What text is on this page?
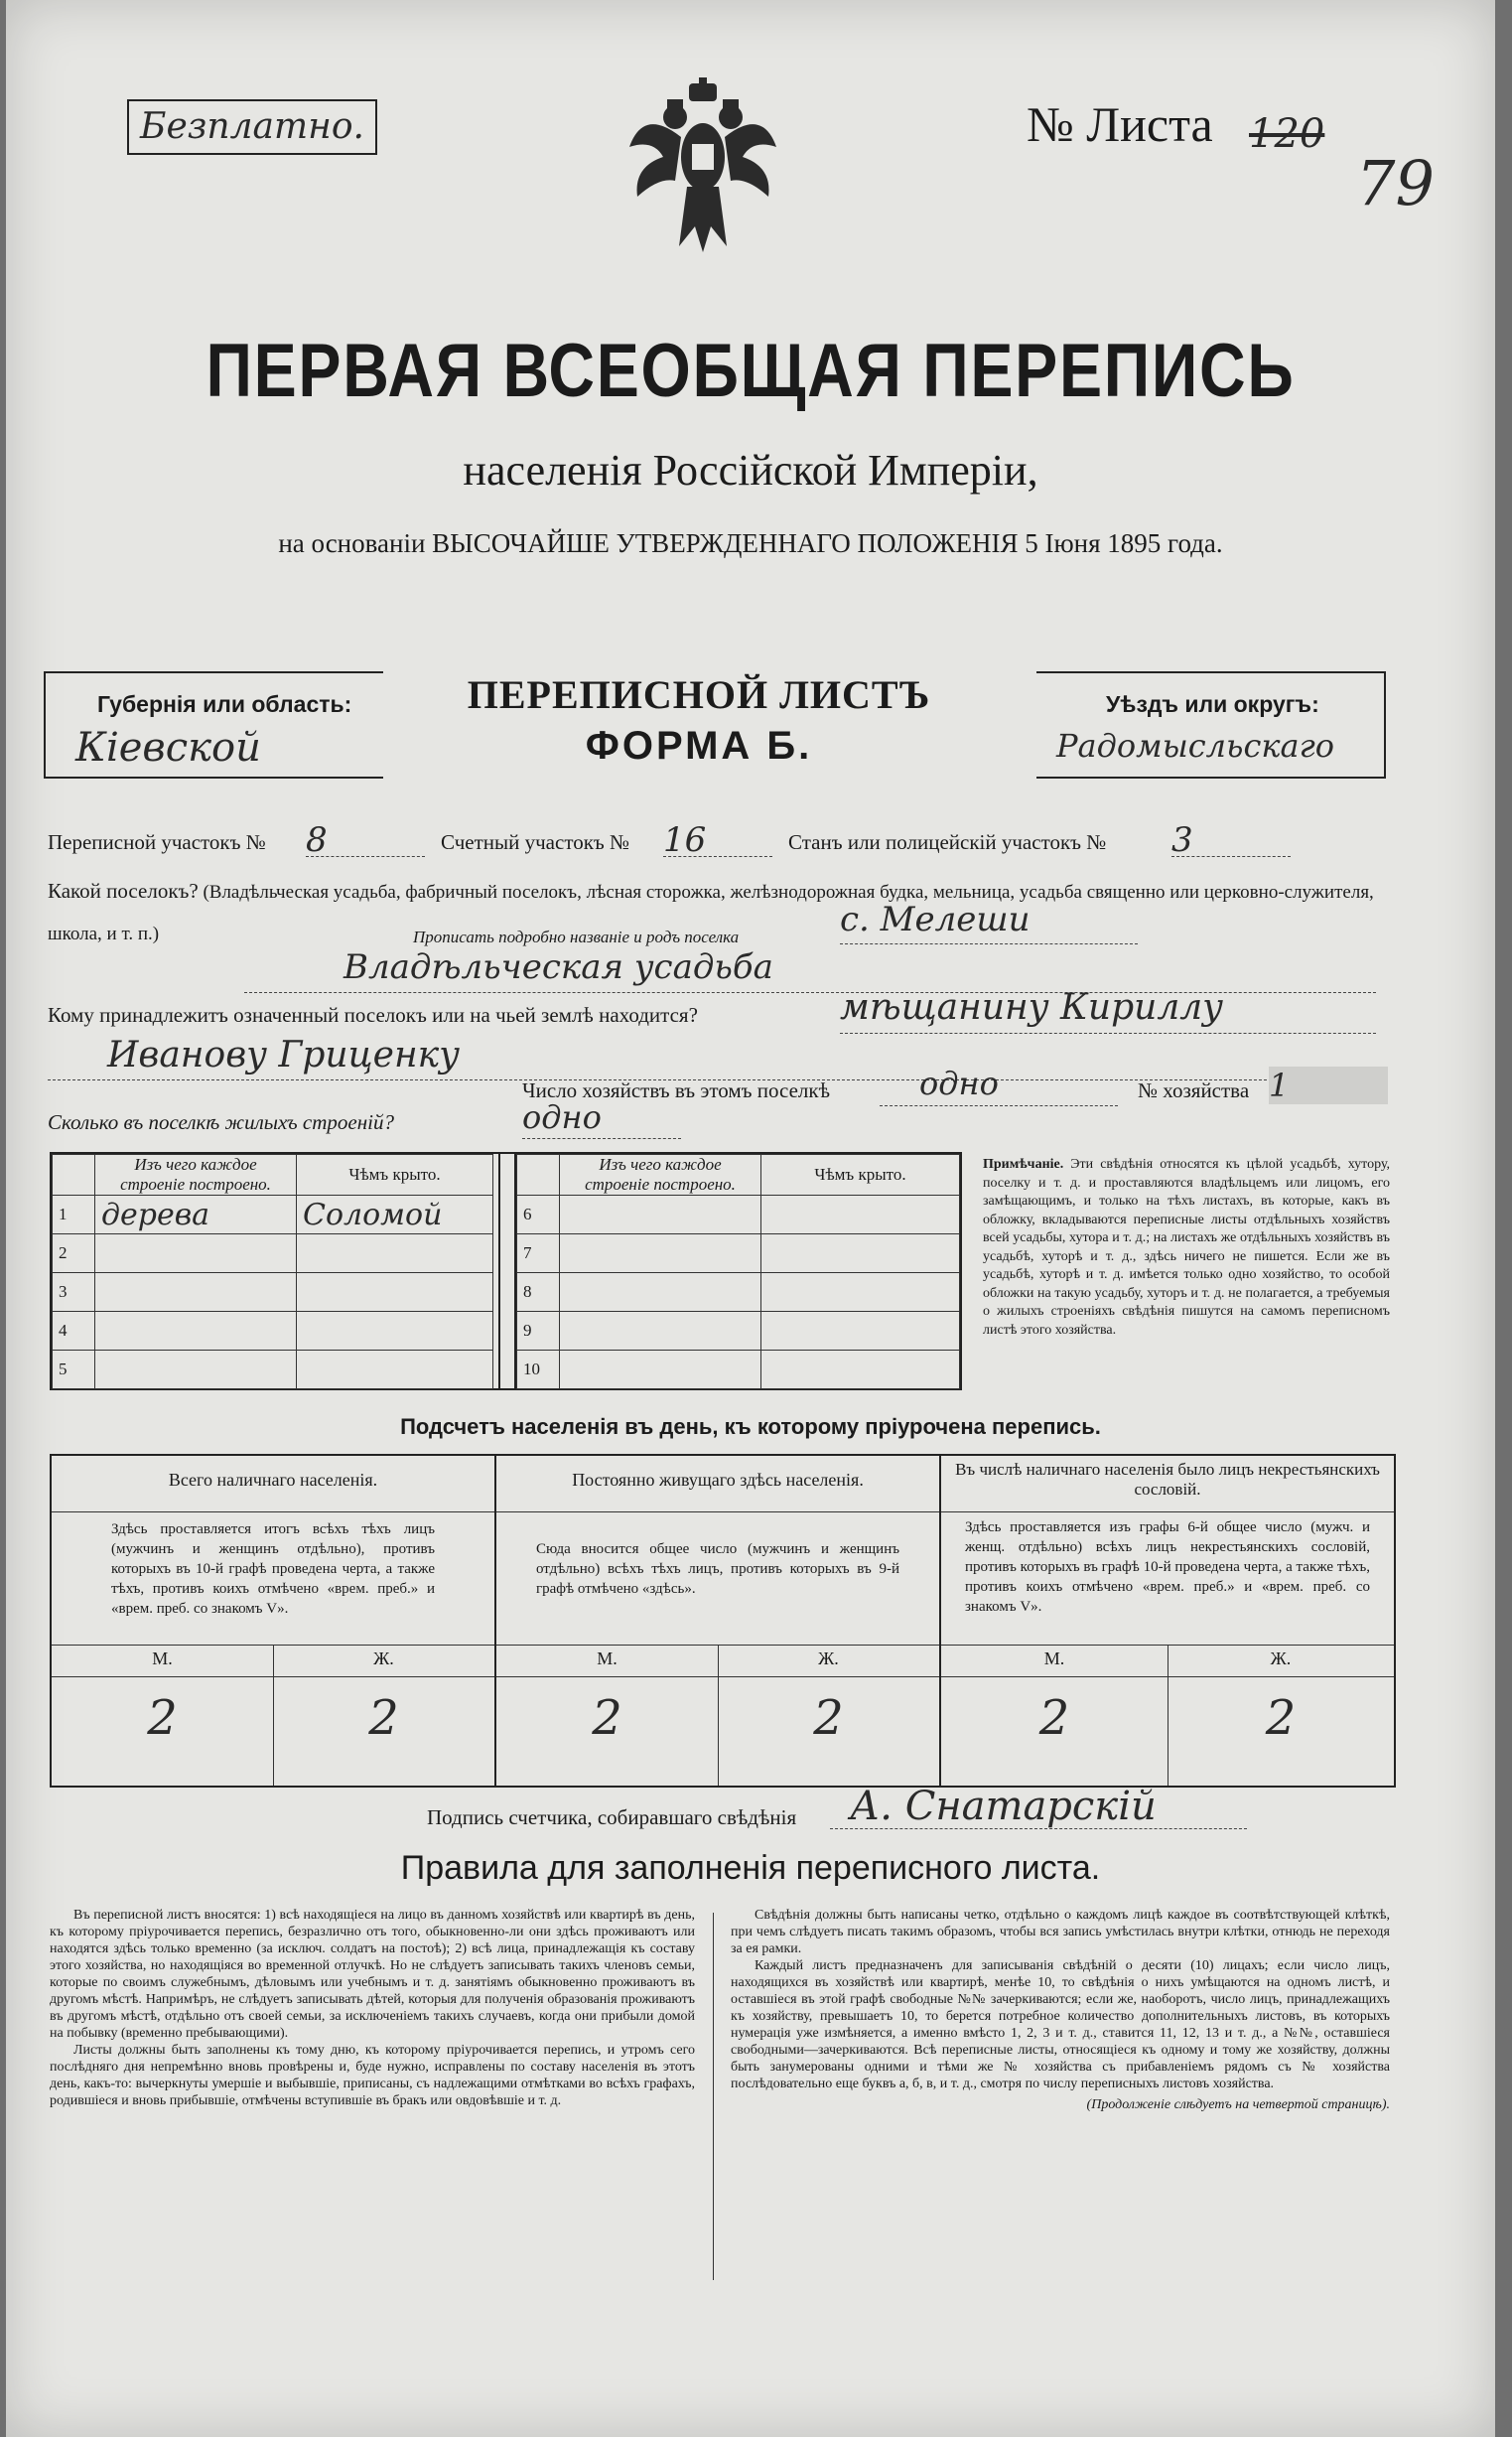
Безплатно.	№ Листа 120
79
ПЕРВАЯ ВСЕОБЩАЯ ПЕРЕПИСЬ
населенія Россійской Имперіи,
на основаніи ВЫСОЧАЙШЕ УТВЕРЖДЕННАГО ПОЛОЖЕНІЯ 5 Іюня 1895 года.
Губернія или область:
Кіевской
ПЕРЕПИСНОЙ ЛИСТЪ
ФОРМА Б.
Уѣздъ или округъ:
Радомысльскаго
Переписной участокъ № 8	Счетный участокъ № 16	Станъ или полицейскій участокъ № 3
Какой поселокъ? (Владѣльческая усадьба, фабричный поселокъ, лѣсная сторожка, желѣзнодорожная будка, мельница, усадьба священно или церковно-служителя, школа, и т. п.)	Прописать подробно названіе и родъ поселка	с. Мелеши
Владѣльческая усадьба
Кому принадлежитъ означенный поселокъ или на чьей землѣ находится?	мѣщанину Кириллу
Иванову Гриценку
Число хозяйствъ въ этомъ поселкѣ	одно	№ хозяйства 1
Сколько въ поселкѣ жилыхъ строеній?	одно
	Изъ чего каждое строеніе построено.	Чѣмъ крыто.
1	дерева	Соломой
2		
3		
4		
5		
	Изъ чего каждое строеніе построено.	Чѣмъ крыто.
6		
7		
8		
9		
10		
Примѣчаніе. Эти свѣдѣнія относятся къ цѣлой усадьбѣ, хутору, поселку и т. д. и проставляются владѣльцемъ или лицомъ, его замѣщающимъ, и только на тѣхъ листахъ, въ которые, какъ въ обложку, вкладываются переписные листы отдѣльныхъ хозяйствъ всей усадьбы, хутора и т. д.; на листахъ же отдѣльныхъ хозяйствъ въ усадьбѣ, хуторѣ и т. д., здѣсь ничего не пишется. Если же въ усадьбѣ, хуторѣ и т. д. имѣется только одно хозяйство, то особой обложки на такую усадьбу, хуторъ и т. д. не полагается, а требуемыя о жилыхъ строеніяхъ свѣдѣнія пишутся на самомъ переписномъ листѣ этого хозяйства.
Подсчетъ населенія въ день, къ которому пріурочена перепись.
Всего наличнаго населенія.
Здѣсь проставляется итогъ всѣхъ тѣхъ лицъ (мужчинъ и женщинъ отдѣльно), противъ которыхъ въ 10-й графѣ проведена черта, а также тѣхъ, противъ коихъ отмѣчено «врем. преб.» и «врем. преб. со знакомъ V».
М.	Ж.
2	2
Постоянно живущаго здѣсь населенія.
Сюда вносится общее число (мужчинъ и женщинъ отдѣльно) всѣхъ тѣхъ лицъ, противъ которыхъ въ 9-й графѣ отмѣчено «здѣсь».
М.	Ж.
2	2
Въ числѣ наличнаго населенія было лицъ некрестьянскихъ сословій.
Здѣсь проставляется изъ графы 6-й общее число (мужч. и женщ. отдѣльно) всѣхъ лицъ некрестьянскихъ сословій, противъ которыхъ въ графѣ 10-й проведена черта, а также тѣхъ, противъ коихъ отмѣчено «врем. преб.» и «врем. преб. со знакомъ V».
М.	Ж.
2	2
Подпись счетчика, собиравшаго свѣдѣнія	А. Снатарскій
Правила для заполненія переписного листа.

Въ переписной листъ вносятся: 1) всѣ находящіеся на лицо въ данномъ хозяйствѣ или квартирѣ въ день, къ которому пріурочивается перепись, безразлично отъ того, обыкновенно-ли они здѣсь проживаютъ или находятся здѣсь только временно (за исключ. солдатъ на постоѣ); 2) всѣ лица, принадлежащія къ составу этого хозяйства, но находящіяся во временной отлучкѣ. Но не слѣдуетъ записывать такихъ членовъ семьи, которые по своимъ служебнымъ, дѣловымъ или учебнымъ и т. д. занятіямъ обыкновенно проживаютъ въ другомъ мѣстѣ. Напримѣръ, не слѣдуетъ записывать дѣтей, которыя для полученія образованія проживаютъ въ другомъ мѣстѣ, отдѣльно отъ своей семьи, за исключеніемъ такихъ случаевъ, когда они прибыли домой на побывку (временно пребывающими).

Листы должны быть заполнены къ тому дню, къ которому пріурочивается перепись, и утромъ сего послѣдняго дня непремѣнно вновь провѣрены и, буде нужно, исправлены по составу населенія въ этотъ день, какъ-то: вычеркнуты умершіе и выбывшіе, приписаны, съ надлежащими отмѣтками во всѣхъ графахъ, родившіеся и вновь прибывшіе, отмѣчены вступившіе въ бракъ или овдовѣвшіе и т. д.

Свѣдѣнія должны быть написаны четко, отдѣльно о каждомъ лицѣ каждое въ соотвѣтствующей клѣткѣ, при чемъ слѣдуетъ писать такимъ образомъ, чтобы вся запись умѣстилась внутри клѣтки, отнюдь не переходя за ея рамки.

Каждый листъ предназначенъ для записыванія свѣдѣній о десяти (10) лицахъ; если число лицъ, находящихся въ хозяйствѣ или квартирѣ, менѣе 10, то свѣдѣнія о нихъ умѣщаются на одномъ листѣ, и оставшіеся въ этой графѣ свободные №№ зачеркиваются; если же, наоборотъ, число лицъ, принадлежащихъ къ хозяйству, превышаетъ 10, то берется потребное количество дополнительныхъ листовъ, въ которыхъ нумерація уже измѣняется, а именно вмѣсто 1, 2, 3 и т. д., ставится 11, 12, 13 и т. д., а №№, оставшіеся свободными—зачеркиваются. Всѣ переписные листы, относящіеся къ одному и тому же хозяйству, должны быть занумерованы одними и тѣми же № хозяйства съ прибавленіемъ рядомъ съ № хозяйства послѣдовательно еще буквъ а, б, в, и т. д., смотря по числу переписныхъ листовъ хозяйства.

(Продолженіе слѣдуетъ на четвертой страницѣ).
